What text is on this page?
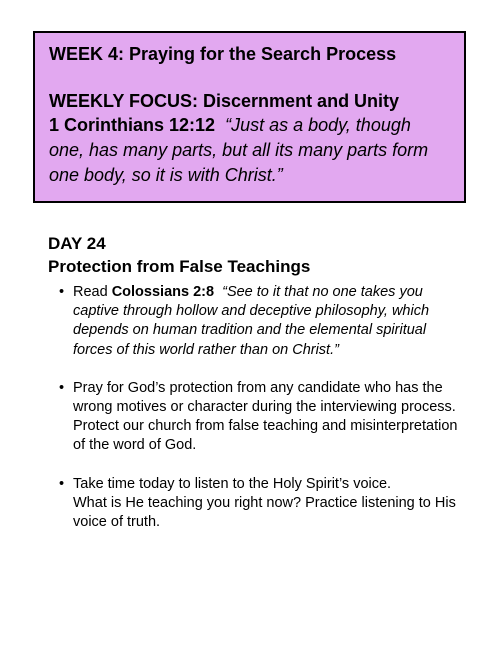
WEEK 4: Praying for the Search Process

WEEKLY FOCUS: Discernment and Unity

1 Corinthians 12:12 “Just as a body, though one, has many parts, but all its many parts form one body, so it is with Christ.”

DAY 24

Protection from False Teachings

• Read Colossians 2:8 “See to it that no one takes you captive through hollow and deceptive philosophy, which depends on human tradition and the elemental spiritual forces of this world rather than on Christ.”
• Pray for God’s protection from any candidate who has the wrong motives or character during the interviewing process. Protect our church from false teaching and misinterpretation of the word of God.
• Take time today to listen to the Holy Spirit’s voice.
What is He teaching you right now? Practice listening to His voice of truth.
